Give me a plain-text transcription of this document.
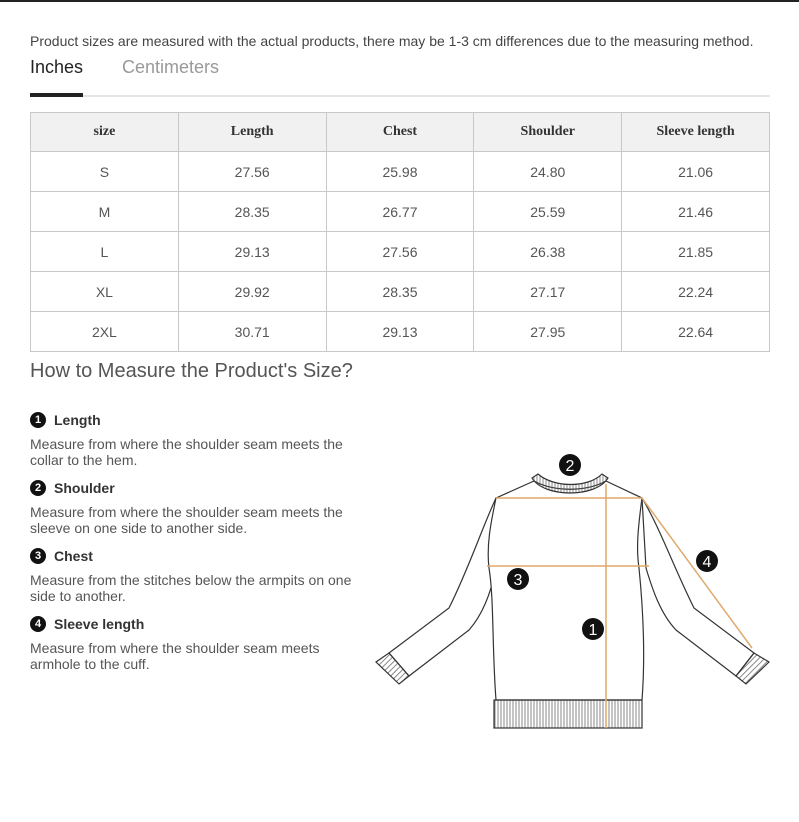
Product sizes are measured with the actual products, there may be 1-3 cm differences due to the measuring method.
Inches Centimeters
size	Length	Chest	Shoulder	Sleeve length
S	27.56	25.98	24.80	21.06
M	28.35	26.77	25.59	21.46
L	29.13	27.56	26.38	21.85
XL	29.92	28.35	27.17	22.24
2XL	30.71	29.13	27.95	22.64
How to Measure the Product's Size?
1 Length
Measure from where the shoulder seam meets the collar to the hem.
2 Shoulder
Measure from where the shoulder seam meets the sleeve on one side to another side.
3 Chest
Measure from the stitches below the armpits on one side to another.
4 Sleeve length
Measure from where the shoulder seam meets armhole to the cuff.
2
3
4
1
